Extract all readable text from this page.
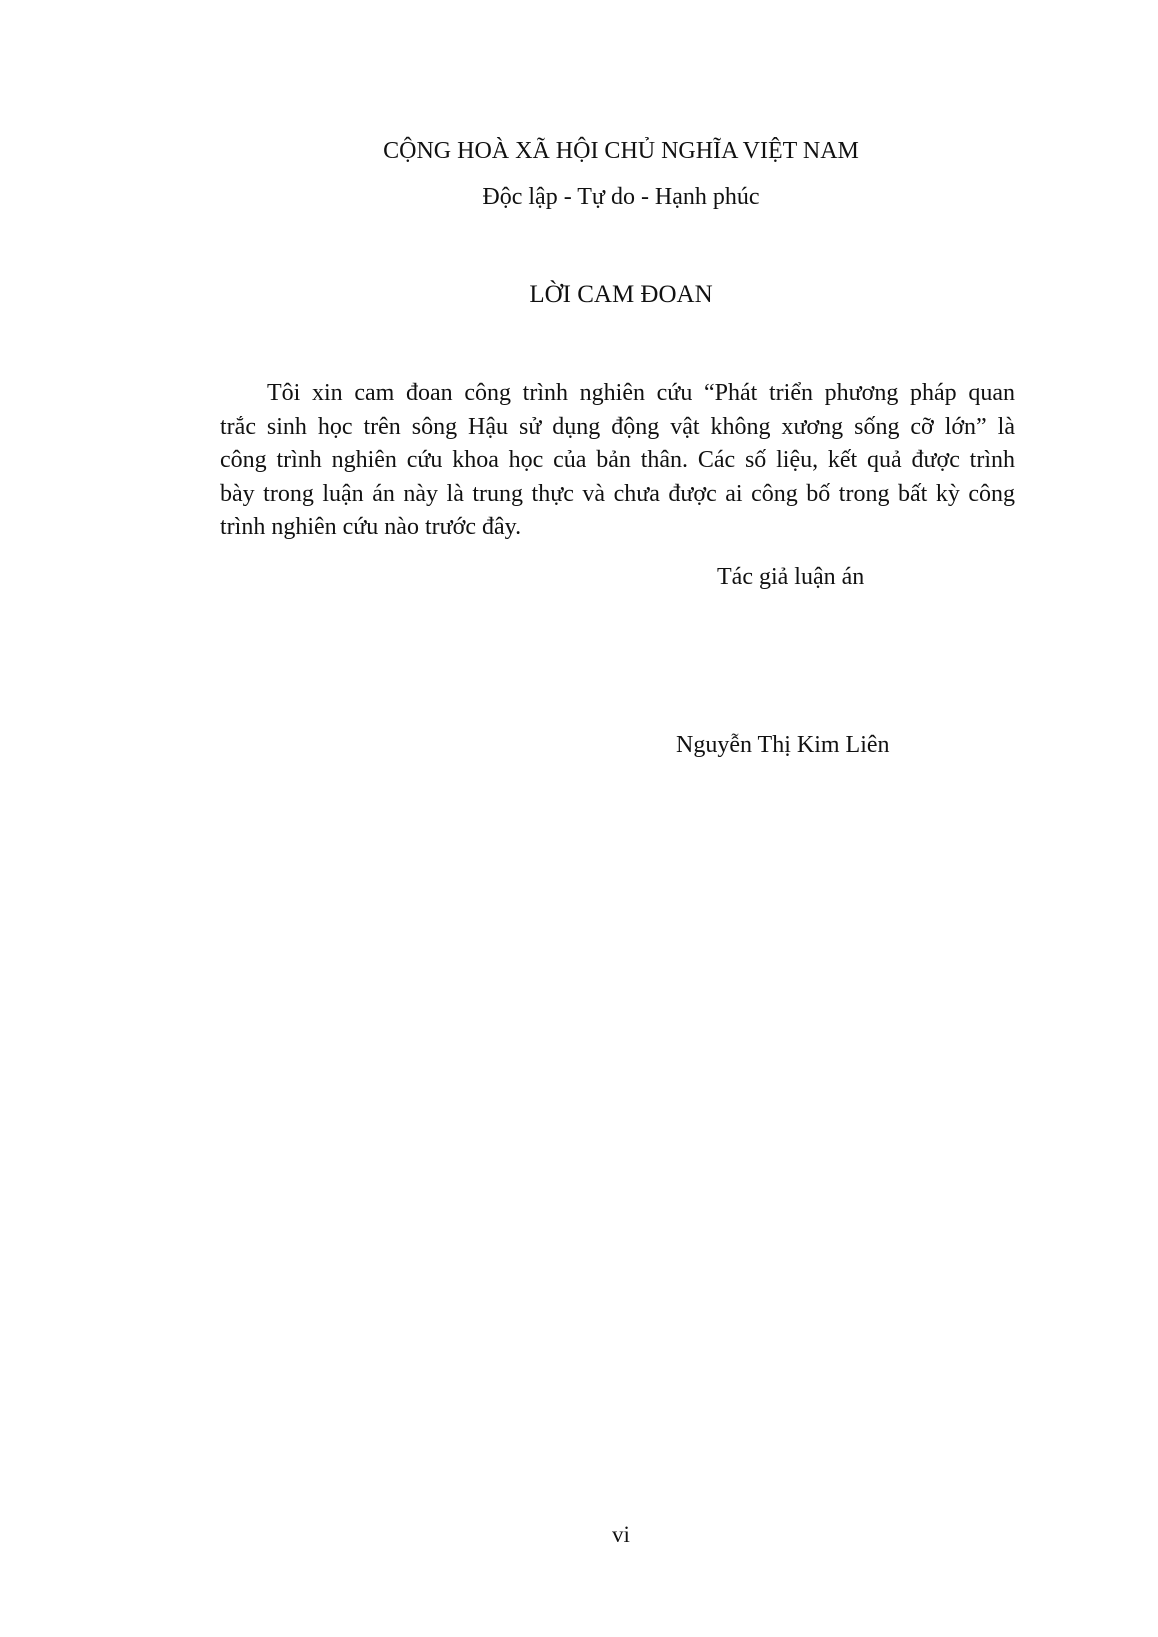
CỘNG HOÀ XÃ HỘI CHỦ NGHĨA VIỆT NAM
Độc lập - Tự do - Hạnh phúc
LỜI CAM ĐOAN
Tôi xin cam đoan công trình nghiên cứu “Phát triển phương pháp quan
trắc sinh học trên sông Hậu sử dụng động vật không xương sống cỡ lớn” là
công trình nghiên cứu khoa học của bản thân. Các số liệu, kết quả được trình
bày trong luận án này là trung thực và chưa được ai công bố trong bất kỳ công
trình nghiên cứu nào trước đây.
Tác giả luận án
Nguyễn Thị Kim Liên
vi
